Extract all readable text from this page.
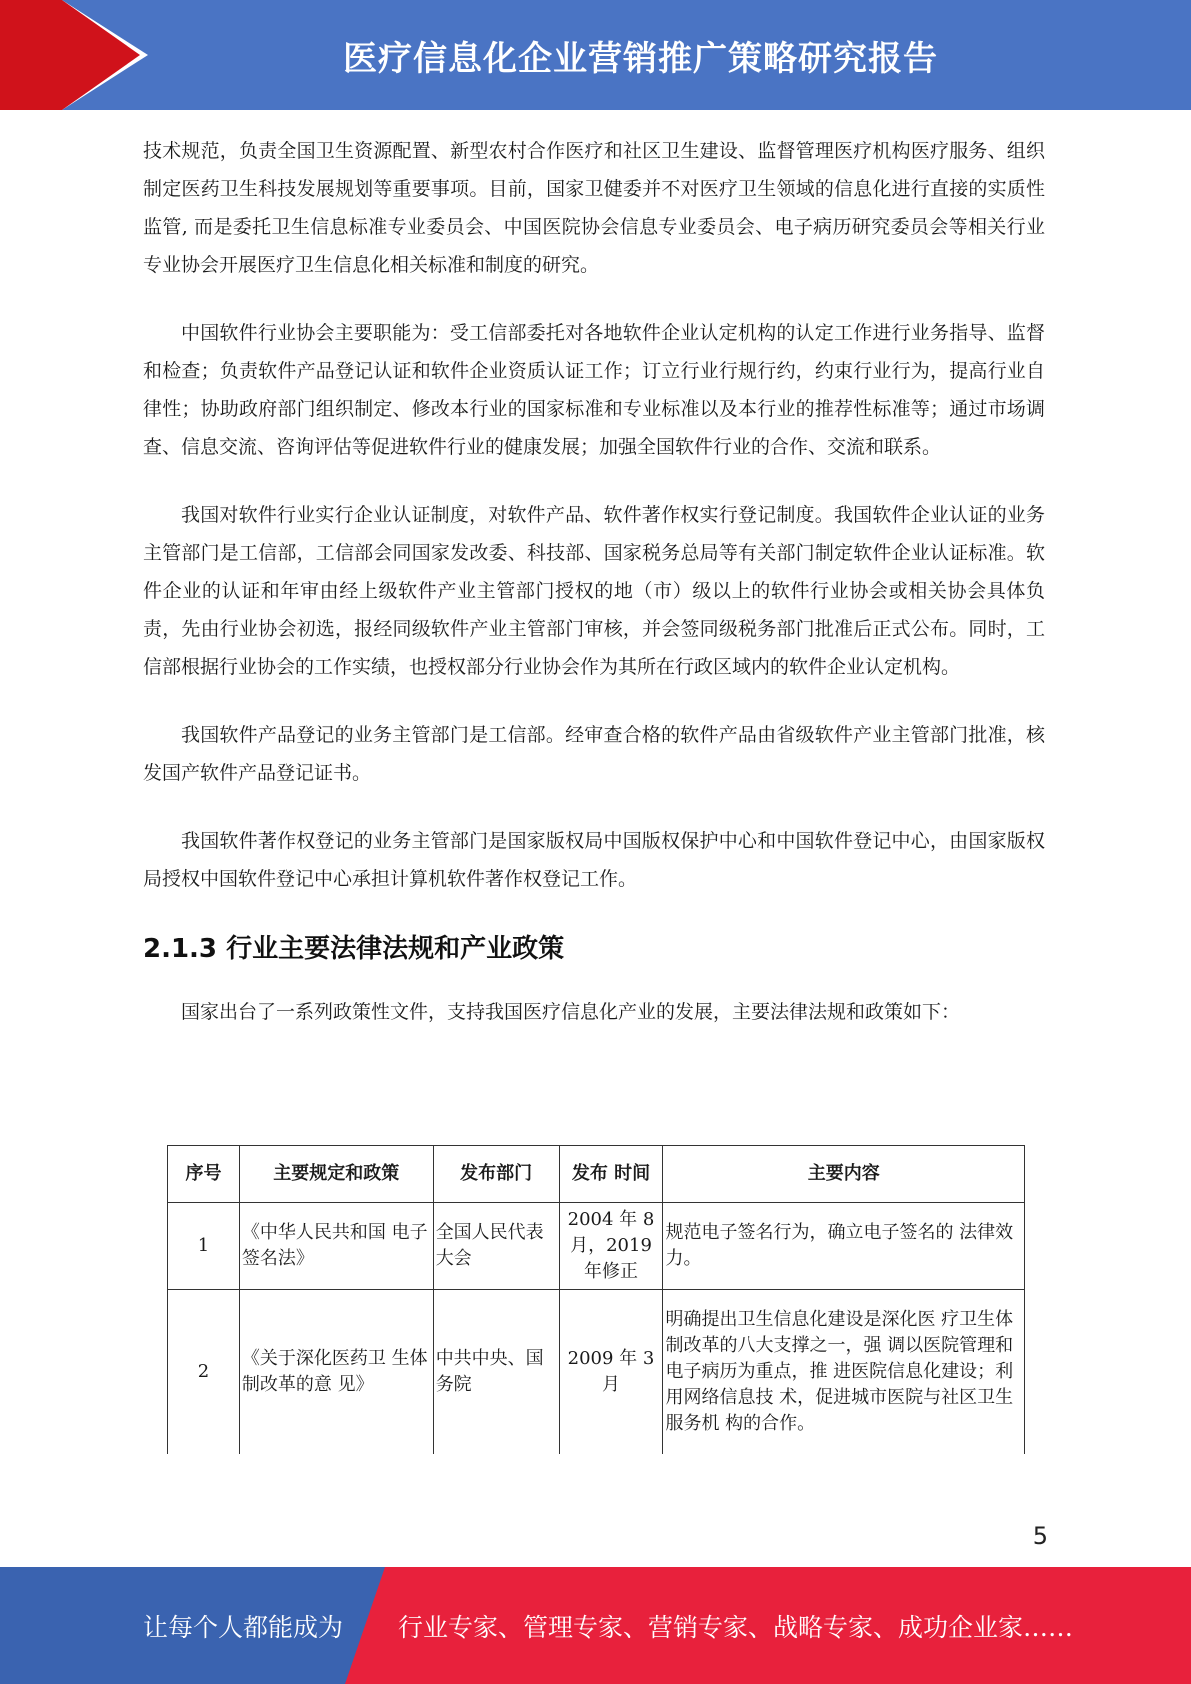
医疗信息化企业营销推广策略研究报告

技术规范，负责全国卫生资源配置、新型农村合作医疗和社区卫生建设、监督管理医疗机构医疗服务、组织制定医药卫生科技发展规划等重要事项。目前，国家卫健委并不对医疗卫生领域的信息化进行直接的实质性监管, 而是委托卫生信息标准专业委员会、中国医院协会信息专业委员会、电子病历研究委员会等相关行业专业协会开展医疗卫生信息化相关标准和制度的研究。

中国软件行业协会主要职能为：受工信部委托对各地软件企业认定机构的认定工作进行业务指导、监督和检查；负责软件产品登记认证和软件企业资质认证工作；订立行业行规行约，约束行业行为，提高行业自律性；协助政府部门组织制定、修改本行业的国家标准和专业标准以及本行业的推荐性标准等；通过市场调查、信息交流、咨询评估等促进软件行业的健康发展；加强全国软件行业的合作、交流和联系。

我国对软件行业实行企业认证制度，对软件产品、软件著作权实行登记制度。我国软件企业认证的业务主管部门是工信部，工信部会同国家发改委、科技部、国家税务总局等有关部门制定软件企业认证标准。软件企业的认证和年审由经上级软件产业主管部门授权的地（市）级以上的软件行业协会或相关协会具体负责，先由行业协会初选，报经同级软件产业主管部门审核，并会签同级税务部门批准后正式公布。同时，工信部根据行业协会的工作实绩，也授权部分行业协会作为其所在行政区域内的软件企业认定机构。

我国软件产品登记的业务主管部门是工信部。经审查合格的软件产品由省级软件产业主管部门批准，核发国产软件产品登记证书。

我国软件著作权登记的业务主管部门是国家版权局中国版权保护中心和中国软件登记中心，由国家版权局授权中国软件登记中心承担计算机软件著作权登记工作。

2.1.3 行业主要法律法规和产业政策

国家出台了一系列政策性文件，支持我国医疗信息化产业的发展，主要法律法规和政策如下：

序号	主要规定和政策	发布部门	发布 时间	主要内容
1	《中华人民共和国 电子签名法》	全国人民代表大会	2004 年 8 月，2019 年修正	规范电子签名行为，确立电子签名的 法律效力。
2	《关于深化医药卫 生体制改革的意 见》	中共中央、国务院	2009 年 3 月	明确提出卫生信息化建设是深化医 疗卫生体制改革的八大支撑之一，强 调以医院管理和电子病历为重点，推 进医院信息化建设；利用网络信息技 术，促进城市医院与社区卫生服务机 构的合作。
5
让每个人都能成为 行业专家、管理专家、营销专家、战略专家、成功企业家……
